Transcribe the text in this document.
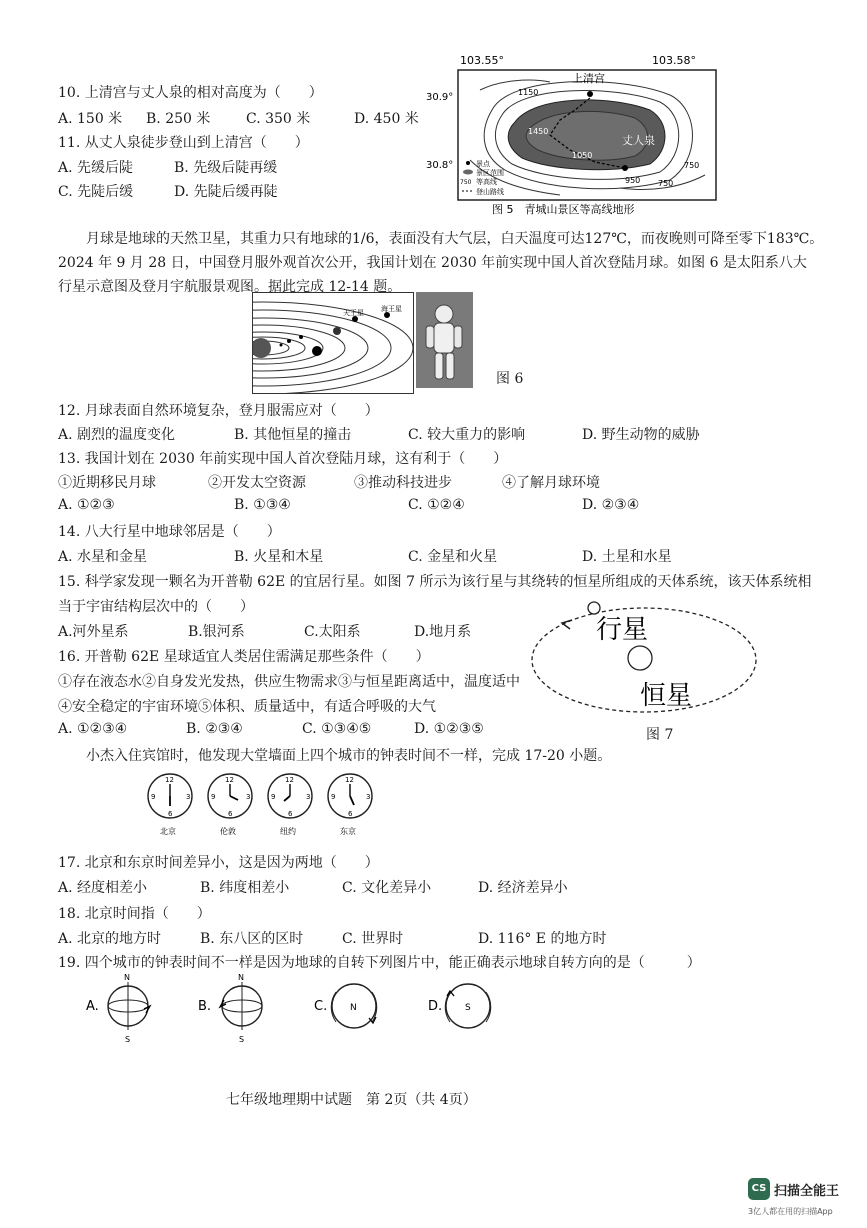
10. 上清宫与丈人泉的相对高度为（　　）
A. 150 米 B. 250 米	C. 350 米	D. 450 米
11. 从丈人泉徒步登山到上清宫（　　）
A. 先缓后陡	B. 先级后陡再缓
C. 先陡后缓	D. 先陡后缓再陡
103.55°	103.58°
30.9°
30.8°
上清宫
丈人泉
1150
1450
1050
950 750
750
景点
景区范围
750 等高线
登山路线
图 5　青城山景区等高线地形
月球是地球的天然卫星，其重力只有地球的1/6，表面没有大气层，白天温度可达127℃，而夜晚则可降至零下183℃。
2024 年 9 月 28 日，中国登月服外观首次公开，我国计划在 2030 年前实现中国人首次登陆月球。如图 6 是太阳系八大
行星示意图及登月宇航服景观图。据此完成 12-14 题。
海王星
天王星
图 6
12. 月球表面自然环境复杂，登月服需应对（　　）
A. 剧烈的温度变化	B. 其他恒星的撞击	C. 较大重力的影响	D. 野生动物的威胁
13. 我国计划在 2030 年前实现中国人首次登陆月球，这有利于（　　）
①近期移民月球	②开发太空资源	③推动科技进步	④了解月球环境
A. ①②③	B. ①③④	C. ①②④	D. ②③④
14. 八大行星中地球邻居是（　　）
A. 水星和金星	B. 火星和木星	C. 金星和火星	D. 土星和水星
15. 科学家发现一颗名为开普勒 62E 的宜居行星。如图 7 所示为该行星与其绕转的恒星所组成的天体系统，该天体系统相
当于宇宙结构层次中的（　　）
A.河外星系	B.银河系	C.太阳系	D.地月系	行星
恒星
图 7
16. 开普勒 62E 星球适宜人类居住需满足那些条件（　　）
①存在液态水②自身发光发热，供应生物需求③与恒星距离适中，温度适中
④安全稳定的宇宙环境⑤体积、质量适中，有适合呼吸的大气
A. ①②③④	B. ②③④	C. ①③④⑤	D. ①②③⑤
小杰入住宾馆时，他发现大堂墙面上四个城市的钟表时间不一样，完成 17-20 小题。
12
3
6
9
北京
12
3
6
9
伦敦
12
3
6
9
纽约
12
3
6
9
东京
17. 北京和东京时间差异小，这是因为两地（　　）
A. 经度相差小	B. 纬度相差小	C. 文化差异小	D. 经济差异小
18. 北京时间指（　　）
A. 北京的地方时	B. 东八区的区时	C. 世界时	D. 116° E 的地方时
19. 四个城市的钟表时间不一样是因为地球的自转下列图片中，能正确表示地球自转方向的是（　　　）
A.
N
S
B.
N
S
C.	N	D.	S
七年级地理期中试题　第 2页（共 4页）
CS 扫描全能王
3亿人都在用的扫描App
